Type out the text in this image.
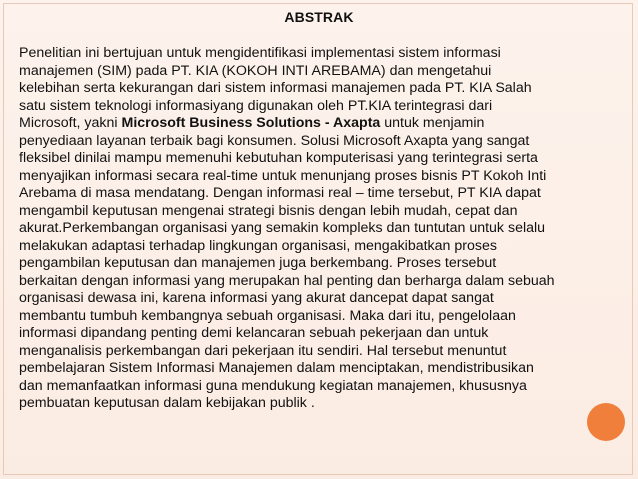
ABSTRAK
Penelitian ini bertujuan untuk mengidentifikasi implementasi sistem informasi
manajemen (SIM) pada PT. KIA (KOKOH INTI AREBAMA) dan mengetahui
kelebihan serta kekurangan dari sistem informasi manajemen pada PT. KIA Salah
satu sistem teknologi informasiyang digunakan oleh PT.KIA terintegrasi dari
Microsoft, yakni Microsoft Business Solutions - Axapta untuk menjamin
penyediaan layanan terbaik bagi konsumen. Solusi Microsoft Axapta yang sangat
fleksibel dinilai mampu memenuhi kebutuhan komputerisasi yang terintegrasi serta
menyajikan informasi secara real-time untuk menunjang proses bisnis PT Kokoh Inti
Arebama di masa mendatang. Dengan informasi real – time tersebut, PT KIA dapat
mengambil keputusan mengenai strategi bisnis dengan lebih mudah, cepat dan
akurat.Perkembangan organisasi yang semakin kompleks dan tuntutan untuk selalu
melakukan adaptasi terhadap lingkungan organisasi, mengakibatkan proses
pengambilan keputusan dan manajemen juga berkembang. Proses tersebut
berkaitan dengan informasi yang merupakan hal penting dan berharga dalam sebuah
organisasi dewasa ini, karena informasi yang akurat dancepat dapat sangat
membantu tumbuh kembangnya sebuah organisasi. Maka dari itu, pengelolaan
informasi dipandang penting demi kelancaran sebuah pekerjaan dan untuk
menganalisis perkembangan dari pekerjaan itu sendiri. Hal tersebut menuntut
pembelajaran Sistem Informasi Manajemen dalam menciptakan, mendistribusikan
dan memanfaatkan informasi guna mendukung kegiatan manajemen, khususnya
pembuatan keputusan dalam kebijakan publik .
